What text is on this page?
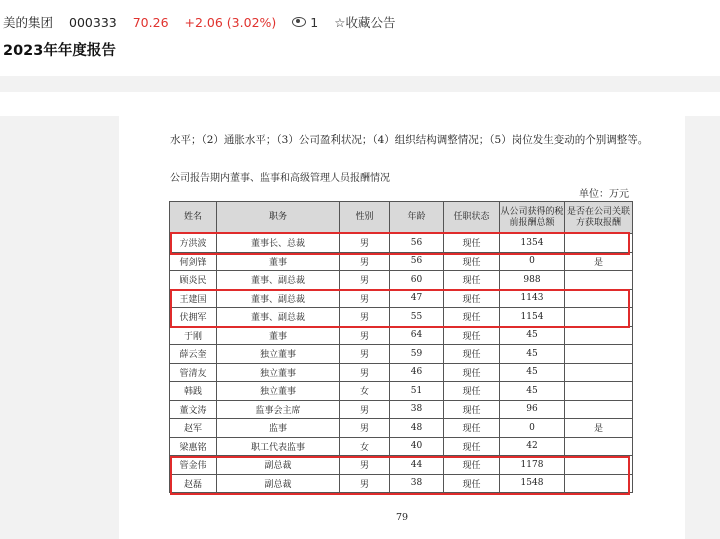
美的集团 000333 70.26 +2.06 (3.02%)	1 ☆收藏公告
2023年年度报告
水平；（2）通胀水平；（3）公司盈利状况；（4）组织结构调整情况；（5）岗位发生变动的个别调整等。
公司报告期内董事、监事和高级管理人员报酬情况
单位：万元
姓名	职务	性别	年龄	任职状态	从公司获得的税前报酬总额	是否在公司关联方获取报酬
方洪波	董事长、总裁	男	56	现任	1354	
何剑锋	董事	男	56	现任	0	是
顾炎民	董事、副总裁	男	60	现任	988	
王建国	董事、副总裁	男	47	现任	1143	
伏拥军	董事、副总裁	男	55	现任	1154	
于刚	董事	男	64	现任	45	
薛云奎	独立董事	男	59	现任	45	
管清友	独立董事	男	46	现任	45	
韩践	独立董事	女	51	现任	45	
董文涛	监事会主席	男	38	现任	96	
赵军	监事	男	48	现任	0	是
梁惠铭	职工代表监事	女	40	现任	42	
管金伟	副总裁	男	44	现任	1178	
赵磊	副总裁	男	38	现任	1548	
79
